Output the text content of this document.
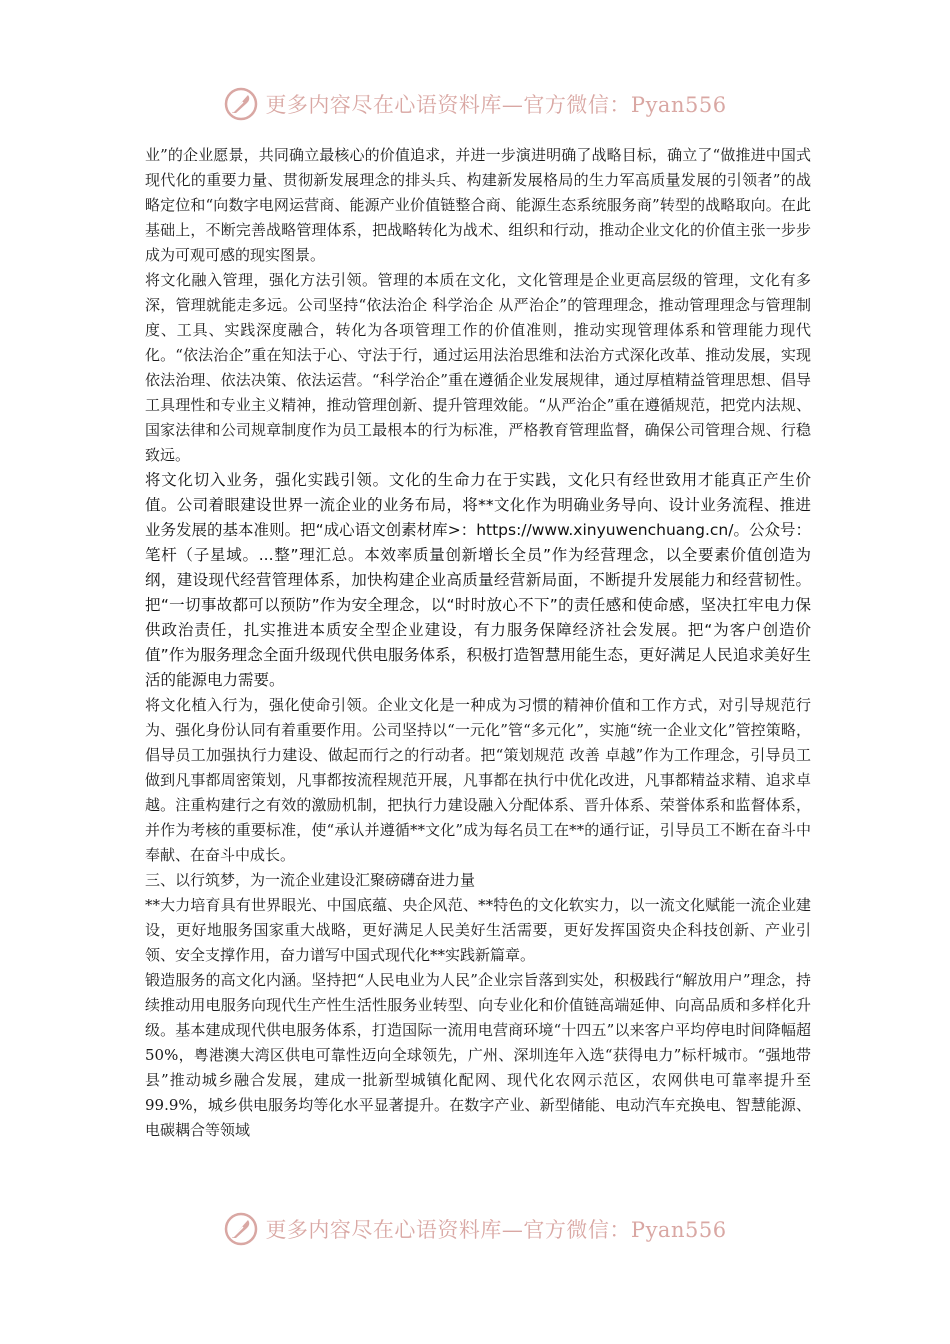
更多内容尽在心语资料库—官方微信：Pyan556

业”的企业愿景，共同确立最核心的价值追求，并进一步演进明确了战略目标，确立了“做推进中国式现代化的重要力量、贯彻新发展理念的排头兵、构建新发展格局的生力军高质量发展的引领者”的战略定位和“向数字电网运营商、能源产业价值链整合商、能源生态系统服务商”转型的战略取向。在此基础上，不断完善战略管理体系，把战略转化为战术、组织和行动，推动企业文化的价值主张一步步成为可观可感的现实图景。

将文化融入管理，强化方法引领。管理的本质在文化，文化管理是企业更高层级的管理，文化有多深，管理就能走多远。公司坚持“依法治企 科学治企 从严治企”的管理理念，推动管理理念与管理制度、工具、实践深度融合，转化为各项管理工作的价值准则，推动实现管理体系和管理能力现代化。“依法治企”重在知法于心、守法于行，通过运用法治思维和法治方式深化改革、推动发展，实现依法治理、依法决策、依法运营。“科学治企”重在遵循企业发展规律，通过厚植精益管理思想、倡导工具理性和专业主义精神，推动管理创新、提升管理效能。“从严治企”重在遵循规范，把党内法规、国家法律和公司规章制度作为员工最根本的行为标准，严格教育管理监督，确保公司管理合规、行稳致远。

将文化切入业务，强化实践引领。文化的生命力在于实践，文化只有经世致用才能真正产生价值。公司着眼建设世界一流企业的业务布局，将**文化作为明确业务导向、设计业务流程、推进业务发展的基本准则。把“成心语文创素材库>：https://www.xinyuwenchuang.cn/。公众号：笔杆（子星域。...整”理汇总。本效率质量创新增长全员”作为经营理念，以全要素价值创造为纲，建设现代经营管理体系，加快构建企业高质量经营新局面，不断提升发展能力和经营韧性。把“一切事故都可以预防”作为安全理念，以“时时放心不下”的责任感和使命感，坚决扛牢电力保供政治责任，扎实推进本质安全型企业建设，有力服务保障经济社会发展。把“为客户创造价值”作为服务理念全面升级现代供电服务体系，积极打造智慧用能生态，更好满足人民追求美好生活的能源电力需要。

将文化植入行为，强化使命引领。企业文化是一种成为习惯的精神价值和工作方式，对引导规范行为、强化身份认同有着重要作用。公司坚持以“一元化”管“多元化”，实施“统一企业文化”管控策略，倡导员工加强执行力建设、做起而行之的行动者。把“策划规范 改善 卓越”作为工作理念，引导员工做到凡事都周密策划，凡事都按流程规范开展，凡事都在执行中优化改进，凡事都精益求精、追求卓越。注重构建行之有效的激励机制，把执行力建设融入分配体系、晋升体系、荣誉体系和监督体系，并作为考核的重要标准，使“承认并遵循**文化”成为每名员工在**的通行证，引导员工不断在奋斗中奉献、在奋斗中成长。

三、以行筑梦，为一流企业建设汇聚磅礴奋进力量

**大力培育具有世界眼光、中国底蕴、央企风范、**特色的文化软实力，以一流文化赋能一流企业建设，更好地服务国家重大战略，更好满足人民美好生活需要，更好发挥国资央企科技创新、产业引领、安全支撑作用，奋力谱写中国式现代化**实践新篇章。

锻造服务的高文化内涵。坚持把“人民电业为人民”企业宗旨落到实处，积极践行“解放用户”理念，持续推动用电服务向现代生产性生活性服务业转型、向专业化和价值链高端延伸、向高品质和多样化升级。基本建成现代供电服务体系，打造国际一流用电营商环境“十四五”以来客户平均停电时间降幅超50%，粤港澳大湾区供电可靠性迈向全球领先，广州、深圳连年入选“获得电力”标杆城市。“强地带县”推动城乡融合发展，建成一批新型城镇化配网、现代化农网示范区，农网供电可靠率提升至99.9%，城乡供电服务均等化水平显著提升。在数字产业、新型储能、电动汽车充换电、智慧能源、电碳耦合等领域

更多内容尽在心语资料库—官方微信：Pyan556
